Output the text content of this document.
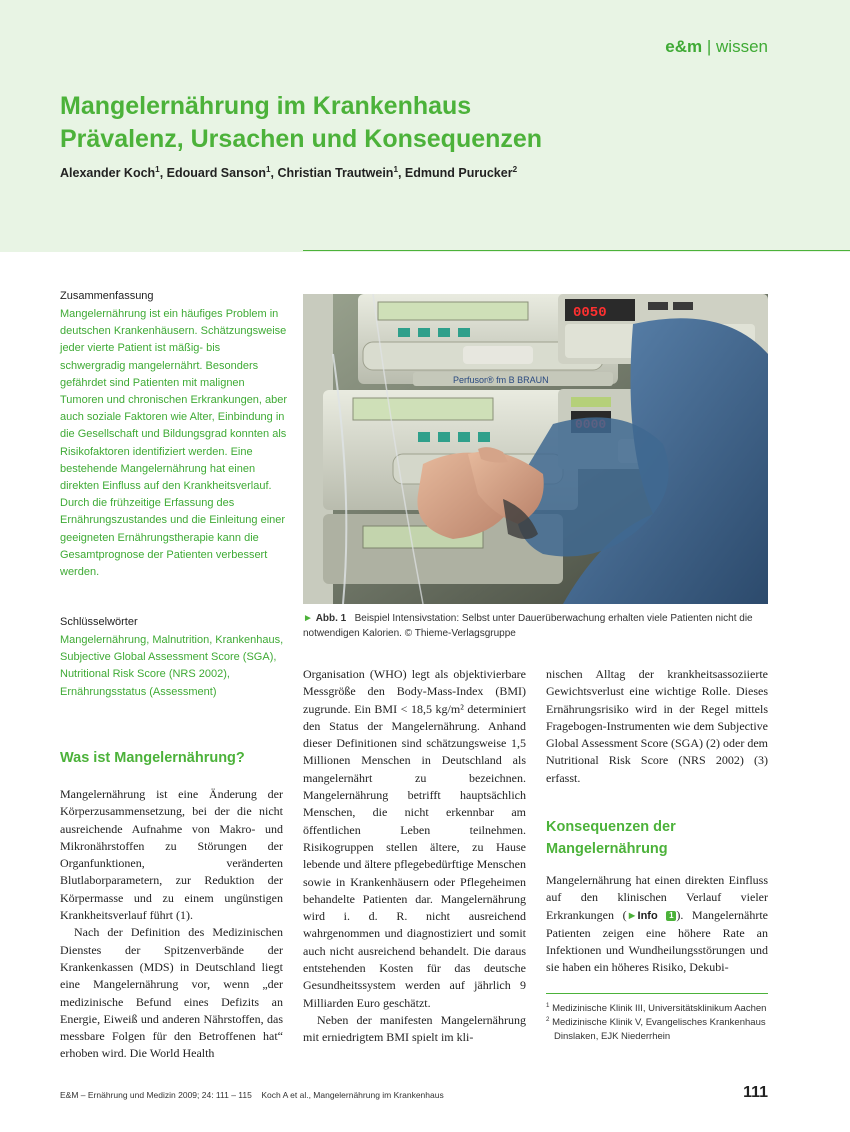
e&m | wissen
Mangelernährung im Krankenhaus
Prävalenz, Ursachen und Konsequenzen
Alexander Koch$^1$, Edouard Sanson$^1$, Christian Trautwein$^1$, Edmund Purucker$^2$
Zusammenfassung
Mangelernährung ist ein häufiges Problem in deutschen Krankenhäusern. Schätzungsweise jeder vierte Patient ist mäßig- bis schwergradig mangelernährt. Besonders gefährdet sind Patienten mit malignen Tumoren und chronischen Erkrankungen, aber auch soziale Faktoren wie Alter, Einbindung in die Gesellschaft und Bildungsgrad konnten als Risikofaktoren identifiziert werden. Eine bestehende Mangelernährung hat einen direkten Einfluss auf den Krankheitsverlauf. Durch die frühzeitige Erfassung des Ernährungszustandes und die Einleitung einer geeigneten Ernährungstherapie kann die Gesamtprognose der Patienten verbessert werden.
Schlüsselwörter
Mangelernährung, Malnutrition, Krankenhaus, Subjective Global Assessment Score (SGA), Nutritional Risk Score (NRS 2002), Ernährungsstatus (Assessment)
Perfusor® fm B BRAUN
0050
► Abb. 1 Beispiel Intensivstation: Selbst unter Dauerüberwachung erhalten viele Patienten nicht die notwendigen Kalorien. © Thieme-Verlagsgruppe
Was ist Mangelernährung?

Mangelernährung ist eine Änderung der Körperzusammensetzung, bei der die nicht ausreichende Aufnahme von Makro- und Mikronährstoffen zu Störungen der Organfunktionen, veränderten Blutlaborparametern, zur Reduktion der Körpermasse und zu einem ungünstigen Krankheitsverlauf führt (1).

Nach der Definition des Medizinischen Dienstes der Spitzenverbände der Krankenkassen (MDS) in Deutschland liegt eine Mangelernährung vor, wenn „der medizinische Befund eines Defizits an Energie, Eiweiß und anderen Nährstoffen, das messbare Folgen für den Betroffenen hat“ erhoben wird. Die World Health

Organisation (WHO) legt als objektivierbare Messgröße den Body-Mass-Index (BMI) zugrunde. Ein BMI < 18,5 kg/m² determiniert den Status der Mangelernährung. Anhand dieser Definitionen sind schätzungsweise 1,5 Millionen Menschen in Deutschland als mangelernährt zu bezeichnen. Mangelernährung betrifft hauptsächlich Menschen, die nicht erkennbar am öffentlichen Leben teilnehmen. Risikogruppen stellen ältere, zu Hause lebende und ältere pflegebedürftige Menschen sowie in Krankenhäusern oder Pflegeheimen behandelte Patienten dar. Mangelernährung wird i. d. R. nicht ausreichend wahrgenommen und diagnostiziert und somit auch nicht ausreichend behandelt. Die daraus entstehenden Kosten für das deutsche Gesundheitssystem werden auf jährlich 9 Milliarden Euro geschätzt.

Neben der manifesten Mangelernährung mit erniedrigtem BMI spielt im kli-

nischen Alltag der krankheitsassoziierte Gewichtsverlust eine wichtige Rolle. Dieses Ernährungsrisiko wird in der Regel mittels Fragebogen-Instrumenten wie dem Subjective Global Assessment Score (SGA) (2) oder dem Nutritional Risk Score (NRS 2002) (3) erfasst.

Konsequenzen der Mangelernährung

Mangelernährung hat einen direkten Einfluss auf den klinischen Verlauf vieler Erkrankungen (►Info 1 ). Mangelernährte Patienten zeigen eine höhere Rate an Infektionen und Wundheilungsstörungen und sie haben ein höheres Risiko, Dekubi-

$^1$ Medizinische Klinik III, Universitätsklinikum Aachen
$^2$ Medizinische Klinik V, Evangelisches Krankenhaus Dinslaken, EJK Niederrhein
E&M – Ernährung und Medizin 2009; 24: 111 – 115 Koch A et al., Mangelernährung im Krankenhaus	111
